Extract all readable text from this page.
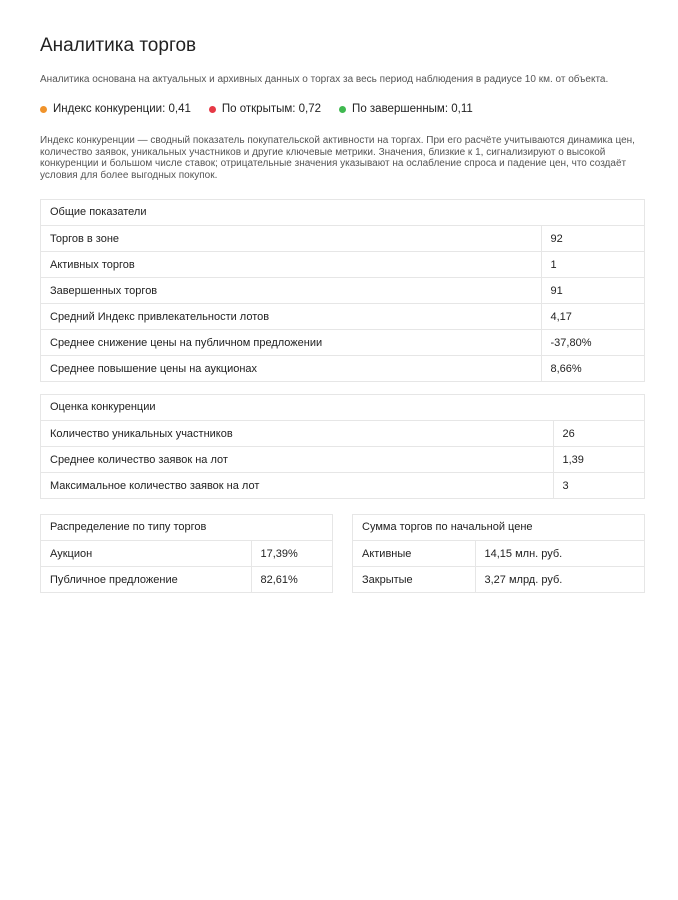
Аналитика торгов
Аналитика основана на актуальных и архивных данных о торгах за весь период наблюдения в радиусе 10 км. от объекта.
Индекс конкуренции: 0,41	По открытым: 0,72	По завершенным: 0,11

Индекс конкуренции — сводный показатель покупательской активности на торгах. При его расчёте учитываются динамика цен, количество заявок, уникальных участников и другие ключевые метрики. Значения, близкие к 1, сигнализируют о высокой конкуренции и большом числе ставок; отрицательные значения указывают на ослабление спроса и падение цен, что создаёт условия для более выгодных покупок.

Общие показатели
Торгов в зоне	92
Активных торгов	1
Завершенных торгов	91
Средний Индекс привлекательности лотов	4,17
Среднее снижение цены на публичном предложении	-37,80%
Среднее повышение цены на аукционах	8,66%
Оценка конкуренции
Количество уникальных участников	26
Среднее количество заявок на лот	1,39
Максимальное количество заявок на лот	3
Распределение по типу торгов
Аукцион	17,39%
Публичное предложение	82,61%
Сумма торгов по начальной цене
Активные	14,15 млн. руб.
Закрытые	3,27 млрд. руб.
